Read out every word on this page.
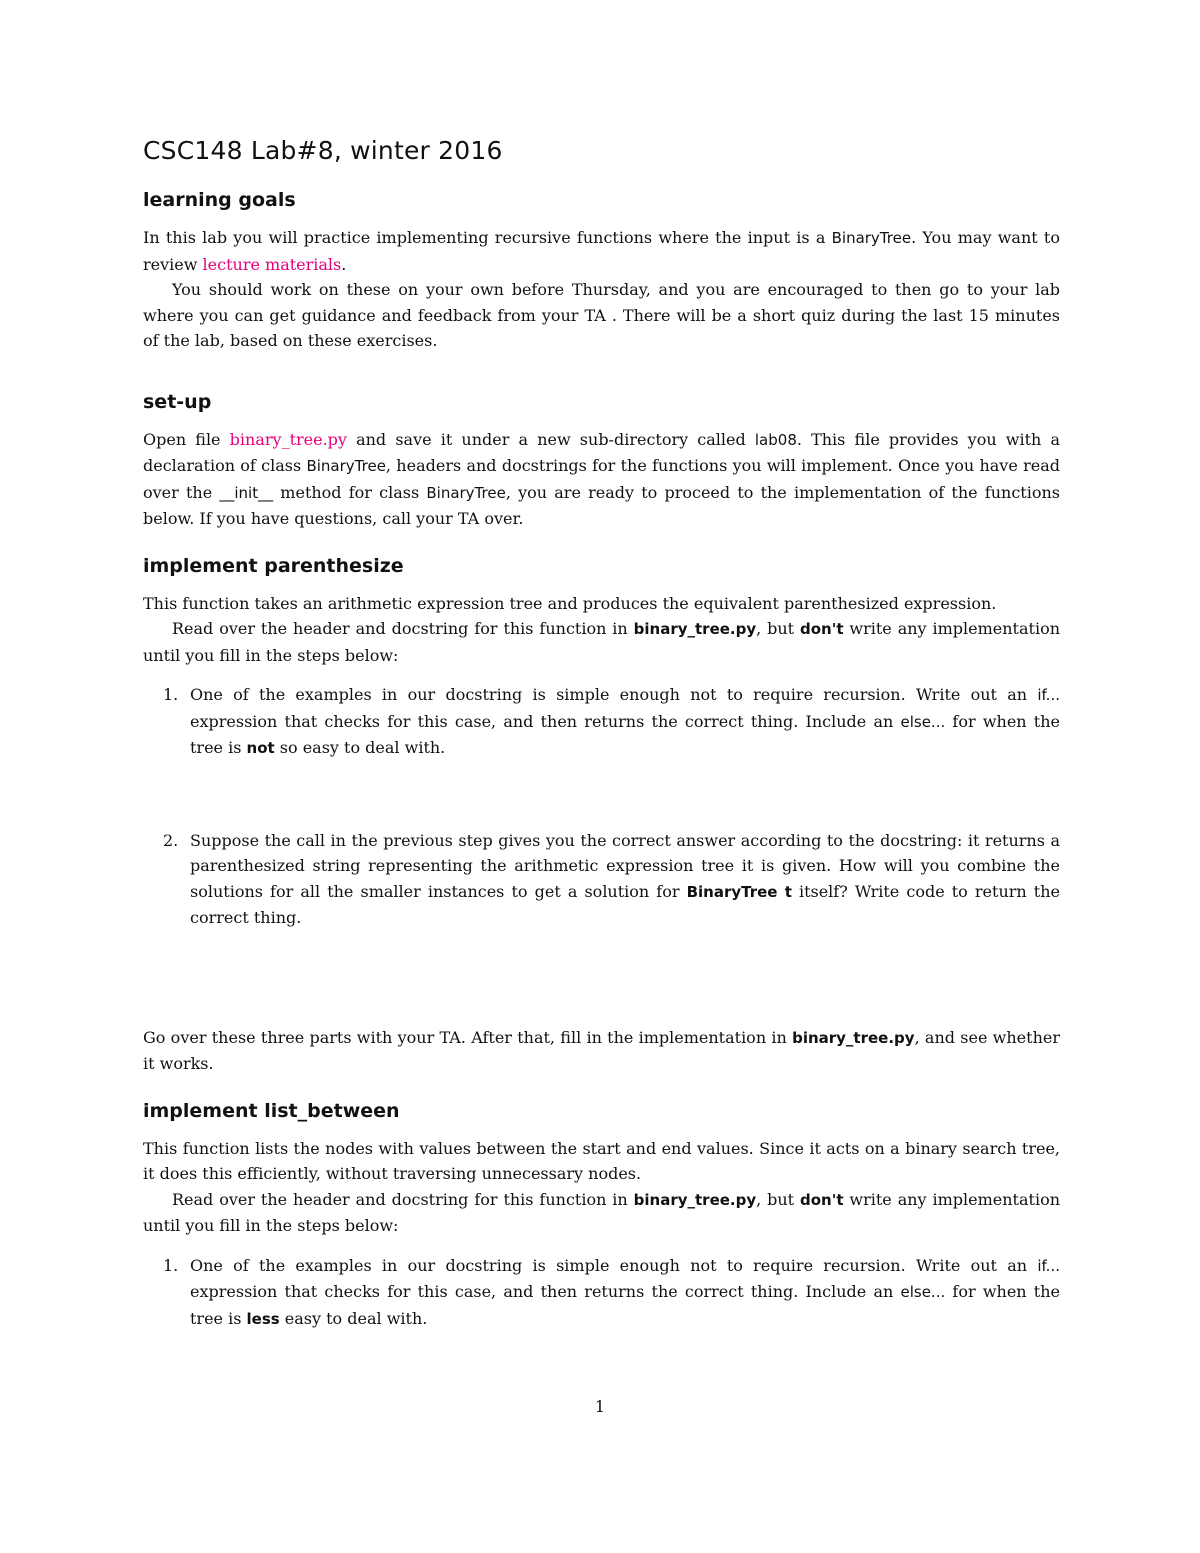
CSC148 Lab#8, winter 2016
learning goals

In this lab you will practice implementing recursive functions where the input is a BinaryTree. You may want to review lecture materials.

You should work on these on your own before Thursday, and you are encouraged to then go to your lab where you can get guidance and feedback from your TA . There will be a short quiz during the last 15 minutes of the lab, based on these exercises.

set-up

Open file binary_tree.py and save it under a new sub-directory called lab08. This file provides you with a declaration of class BinaryTree, headers and docstrings for the functions you will implement. Once you have read over the __init__ method for class BinaryTree, you are ready to proceed to the implementation of the functions below. If you have questions, call your TA over.

implement parenthesize

This function takes an arithmetic expression tree and produces the equivalent parenthesized expression.

Read over the header and docstring for this function in binary_tree.py, but don't write any implementation until you fill in the steps below:

1. One of the examples in our docstring is simple enough not to require recursion. Write out an if... expression that checks for this case, and then returns the correct thing. Include an else... for when the tree is not so easy to deal with.
2. Suppose the call in the previous step gives you the correct answer according to the docstring: it returns a parenthesized string representing the arithmetic expression tree it is given. How will you combine the solutions for all the smaller instances to get a solution for BinaryTree t itself? Write code to return the correct thing.

Go over these three parts with your TA. After that, fill in the implementation in binary_tree.py, and see whether it works.

implement list_between

This function lists the nodes with values between the start and end values. Since it acts on a binary search tree, it does this efficiently, without traversing unnecessary nodes.

Read over the header and docstring for this function in binary_tree.py, but don't write any implementation until you fill in the steps below:

1. One of the examples in our docstring is simple enough not to require recursion. Write out an if... expression that checks for this case, and then returns the correct thing. Include an else... for when the tree is less easy to deal with.
1
